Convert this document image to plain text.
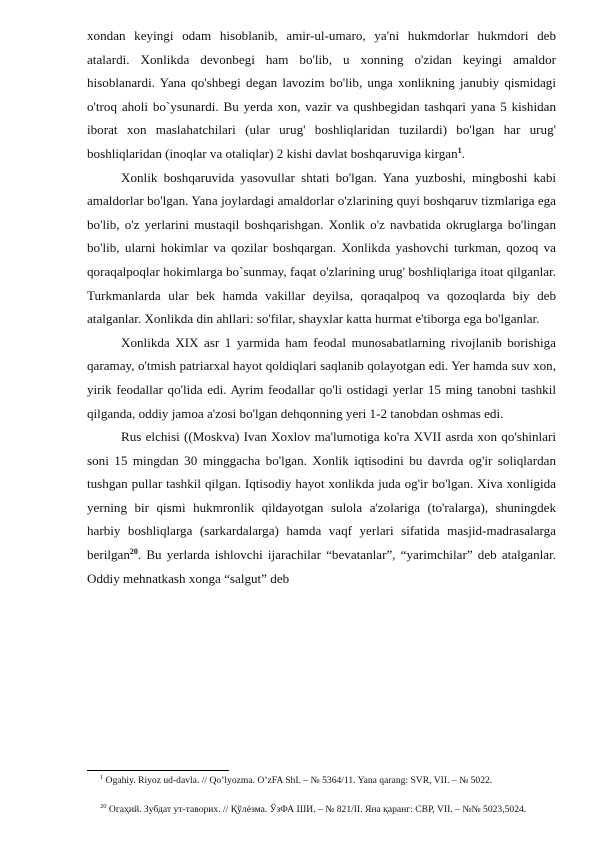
xondan keyingi odam hisoblanib, amir-ul-umaro, ya'ni hukmdorlar hukmdori deb atalardi. Xonlikda devonbegi ham bo'lib, u xonning o'zidan keyingi amaldor hisoblanardi. Yana qo'shbegi degan lavozim bo'lib, unga xonlikning janubiy qismidagi o'troq aholi bo`ysunardi. Bu yerda xon, vazir va qushbegidan tashqari yana 5 kishidan iborat xon maslahatchilari (ular urug' boshliqlaridan tuzilardi) bo'lgan har urug' boshliqlaridan (inoqlar va otaliqlar) 2 kishi davlat boshqaruviga kirgan$^1$.

Xonlik boshqaruvida yasovullar shtati bo'lgan. Yana yuzboshi, mingboshi kabi amaldorlar bo'lgan. Yana joylardagi amaldorlar o'zlarining quyi boshqaruv tizmlariga ega bo'lib, o'z yerlarini mustaqil boshqarishgan. Xonlik o'z navbatida okruglarga bo'lingan bo'lib, ularni hokimlar va qozilar boshqargan. Xonlikda yashovchi turkman, qozoq va qoraqalpoqlar hokimlarga bo`sunmay, faqat o'zlarining urug' boshliqlariga itoat qilganlar. Turkmanlarda ular bek hamda vakillar deyilsa, qoraqalpoq va qozoqlarda biy deb atalganlar. Xonlikda din ahllari: so'filar, shayxlar katta hurmat e'tiborga ega bo'lganlar.

Xonlikda XIX asr 1 yarmida ham feodal munosabatlarning rivojlanib borishiga qaramay, o'tmish patriarxal hayot qoldiqlari saqlanib qolayotgan edi. Yer hamda suv xon, yirik feodallar qo'lida edi. Ayrim feodallar qo'li ostidagi yerlar 15 ming tanobni tashkil qilganda, oddiy jamoa a'zosi bo'lgan dehqonning yeri 1-2 tanobdan oshmas edi.

Rus elchisi ((Moskva) Ivan Xoxlov ma'lumotiga ko'ra XVII asrda xon qo'shinlari soni 15 mingdan 30 minggacha bo'lgan. Xonlik iqtisodini bu davrda og'ir soliqlardan tushgan pullar tashkil qilgan. Iqtisodiy hayot xonlikda juda og'ir bo'lgan. Xiva xonligida yerning bir qismi hukmronlik qildayotgan sulola a'zolariga (to'ralarga), shuningdek harbiy boshliqlarga (sarkardalarga) hamda vaqf yerlari sifatida masjid-madrasalarga berilgan$^{20}$. Bu yerlarda ishlovchi ijarachilar “bevatanlar”, “yarimchilar” deb atalganlar. Oddiy mehnatkash xonga “salgut” deb

$^1$ Ogahiy. Riyoz ud-davla. // Qo’lyozma. O’zFA ShI. – № 5364/11. Yana qarang: SVR, VII. – № 5022.

$^{20}$ Огаҳий. Зубдат ут-таворих. // Қўлёзма. ЎзФА ШИ. – № 821/II. Яна қаранг: СВР, VII. – №№ 5023,5024.
